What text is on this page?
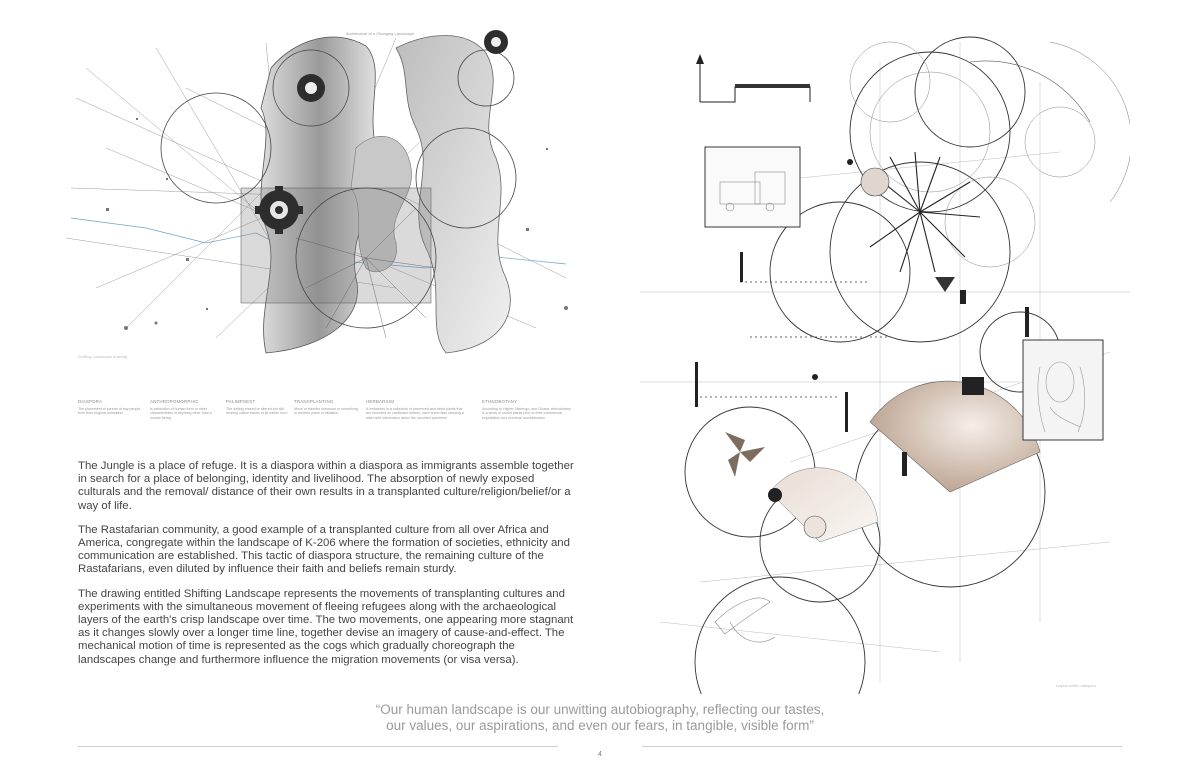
Architecture of a Changing Landscape
Shifting Landscape drawing
DIASPORA
The placement of spread of any people from their original homeland
ANTHROPOMORPHIC
Is attribution of human form or other characteristics to anything other than a human being
PALIMPSEST
The writing erased or altered but still bearing visible traces of its earlier form
TRANSPLANTING
Move or transfer someone or something to another place or situation
HERBARIUM
A herbarium is a collection of preserved and dried plants that are mounted on cardboard sheets, each sheet also carrying a label with information about the mounted specimen
ETHNOBOTANY
According to Higher, Matengo, and Ghana, ethnobotany is a study of useful plants prior to their commercial exploitation and eventual domestication

The Jungle is a place of refuge. It is a diaspora within a diaspora as immigrants assemble together in search for a place of belonging, identity and livelihood. The absorption of newly exposed culturals and the removal/ distance of their own results in a transplanted culture/religion/belief/or a way of life.

The Rastafarian community, a good example of a transplanted culture from all over Africa and America, congregate within the landscape of K-206 where the formation of societies, ethnicity and communication are established. This tactic of diaspora structure, the remaining culture of the Rastafarians, even diluted by influence their faith and beliefs remain sturdy.

The drawing entitled Shifting Landscape represents the movements of transplanting cultures and experiments with the simultaneous movement of fleeing refugees along with the archaeological layers of the earth's crisp landscape over time. The two movements, one appearing more stagnant as it changes slowly over a longer time line, together devise an imagery of cause-and-effect. The mechanical motion of time is represented as the cogs which gradually choreograph the landscapes change and furthermore influence the migration movements (or visa versa).

Layers within diaspora
“Our human landscape is our unwitting autobiography, reflecting our tastes,
our values, our aspirations, and even our fears, in tangible, visible form”
4
